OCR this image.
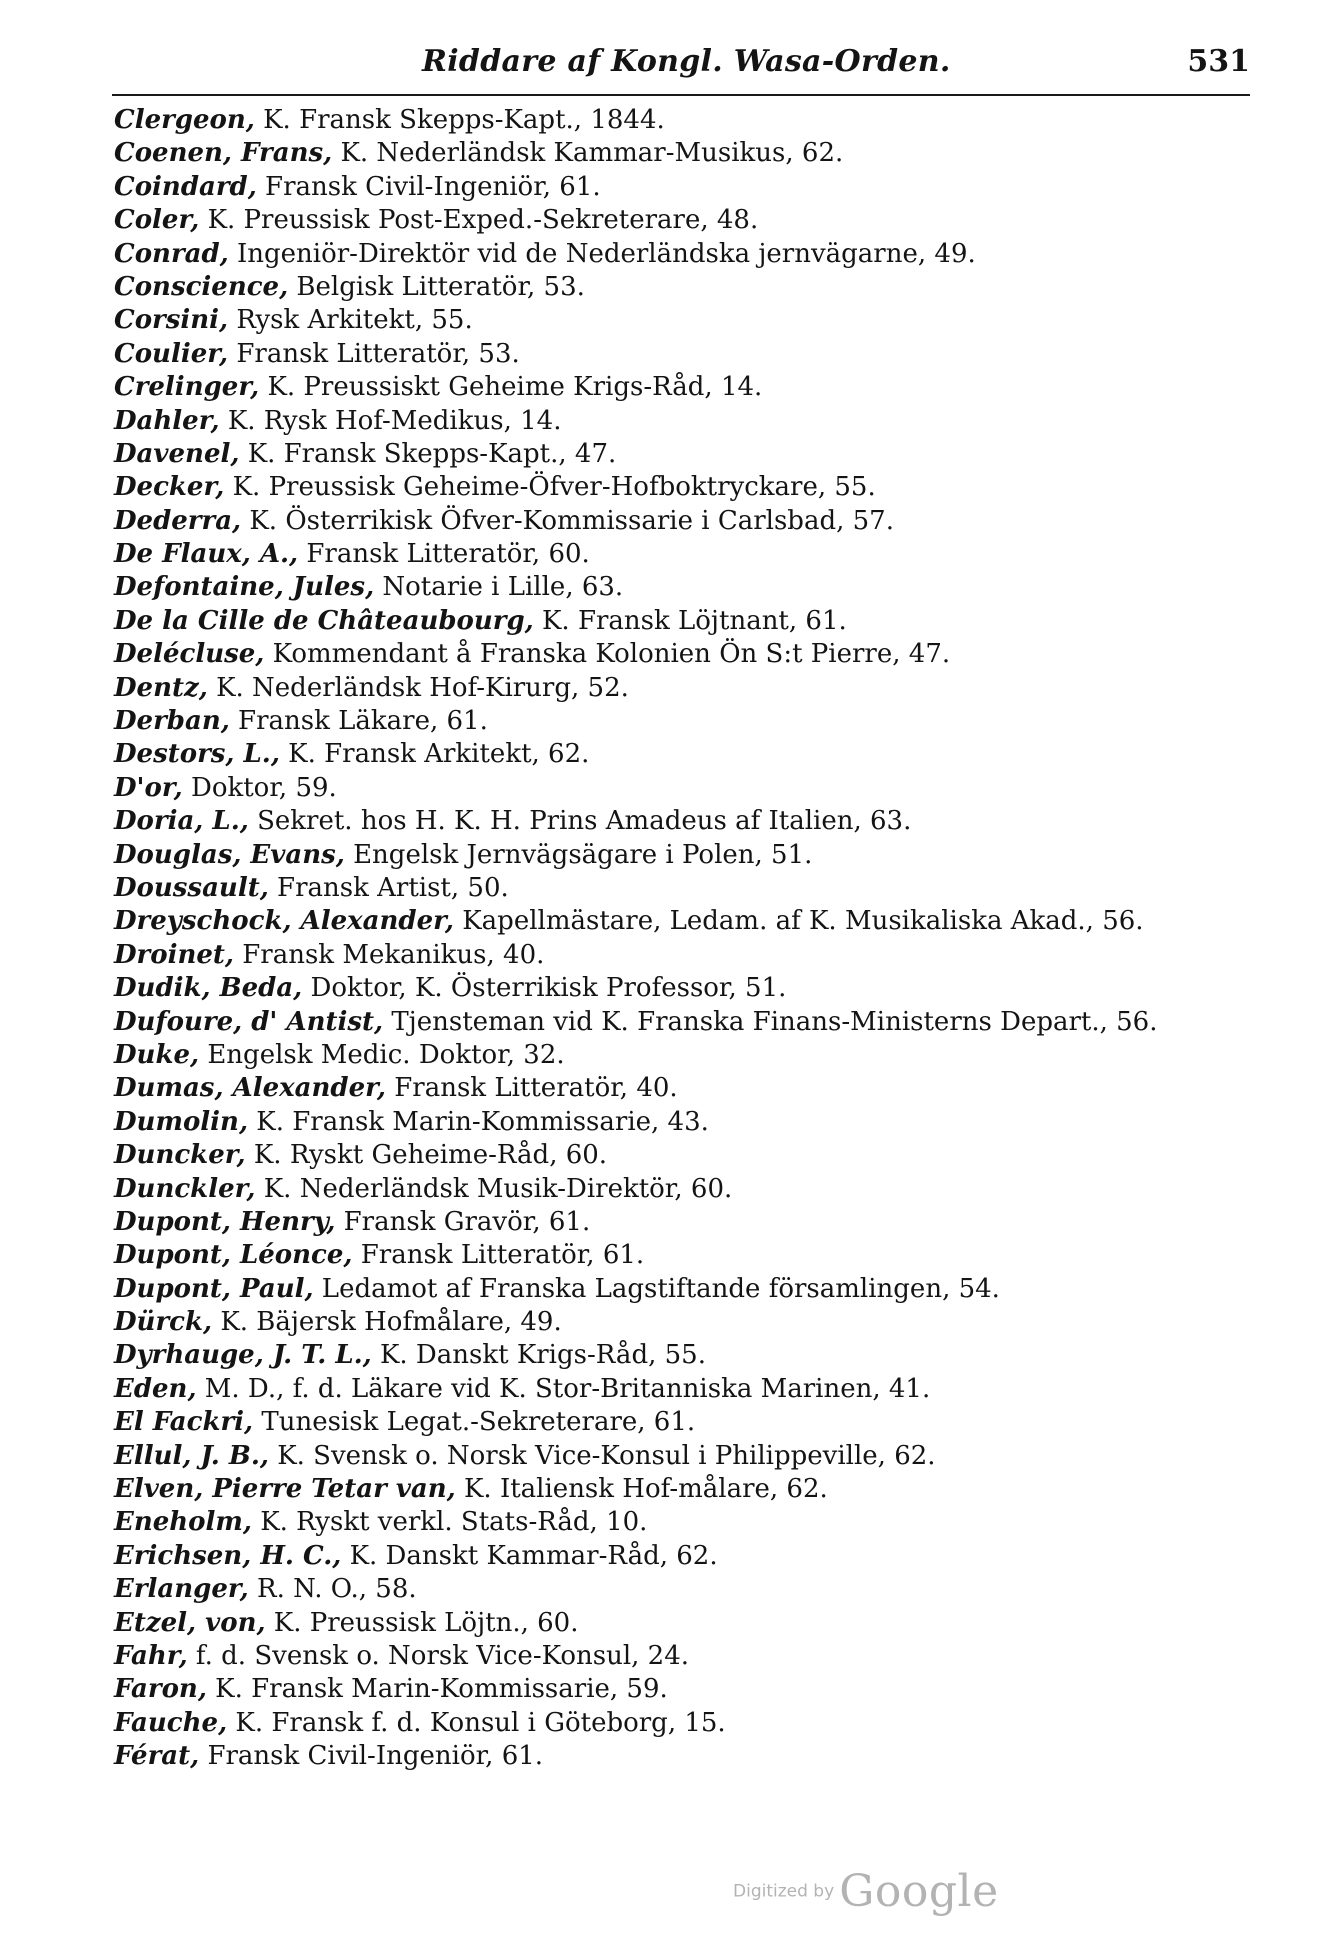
Riddare af Kongl. Wasa-Orden.	531
Clergeon, K. Fransk Skepps-Kapt., 1844.
Coenen, Frans, K. Nederländsk Kammar-Musikus, 62.
Coindard, Fransk Civil-Ingeniör, 61.
Coler, K. Preussisk Post-Exped.-Sekreterare, 48.
Conrad, Ingeniör-Direktör vid de Nederländska jernvägarne, 49.
Conscience, Belgisk Litteratör, 53.
Corsini, Rysk Arkitekt, 55.
Coulier, Fransk Litteratör, 53.
Crelinger, K. Preussiskt Geheime Krigs-Råd, 14.
Dahler, K. Rysk Hof-Medikus, 14.
Davenel, K. Fransk Skepps-Kapt., 47.
Decker, K. Preussisk Geheime-Öfver-Hofboktryckare, 55.
Dederra, K. Österrikisk Öfver-Kommissarie i Carlsbad, 57.
De Flaux, A., Fransk Litteratör, 60.
Defontaine, Jules, Notarie i Lille, 63.
De la Cille de Châteaubourg, K. Fransk Löjtnant, 61.
Delécluse, Kommendant å Franska Kolonien Ön S:t Pierre, 47.
Dentz, K. Nederländsk Hof-Kirurg, 52.
Derban, Fransk Läkare, 61.
Destors, L., K. Fransk Arkitekt, 62.
D'or, Doktor, 59.
Doria, L., Sekret. hos H. K. H. Prins Amadeus af Italien, 63.
Douglas, Evans, Engelsk Jernvägsägare i Polen, 51.
Doussault, Fransk Artist, 50.
Dreyschock, Alexander, Kapellmästare, Ledam. af K. Musikaliska Akad., 56.
Droinet, Fransk Mekanikus, 40.
Dudik, Beda, Doktor, K. Österrikisk Professor, 51.
Dufoure, d' Antist, Tjensteman vid K. Franska Finans-Ministerns Depart., 56.
Duke, Engelsk Medic. Doktor, 32.
Dumas, Alexander, Fransk Litteratör, 40.
Dumolin, K. Fransk Marin-Kommissarie, 43.
Duncker, K. Ryskt Geheime-Råd, 60.
Dunckler, K. Nederländsk Musik-Direktör, 60.
Dupont, Henry, Fransk Gravör, 61.
Dupont, Léonce, Fransk Litteratör, 61.
Dupont, Paul, Ledamot af Franska Lagstiftande församlingen, 54.
Dürck, K. Bäjersk Hofmålare, 49.
Dyrhauge, J. T. L., K. Danskt Krigs-Råd, 55.
Eden, M. D., f. d. Läkare vid K. Stor-Britanniska Marinen, 41.
El Fackri, Tunesisk Legat.-Sekreterare, 61.
Ellul, J. B., K. Svensk o. Norsk Vice-Konsul i Philippeville, 62.
Elven, Pierre Tetar van, K. Italiensk Hof-målare, 62.
Eneholm, K. Ryskt verkl. Stats-Råd, 10.
Erichsen, H. C., K. Danskt Kammar-Råd, 62.
Erlanger, R. N. O., 58.
Etzel, von, K. Preussisk Löjtn., 60.
Fahr, f. d. Svensk o. Norsk Vice-Konsul, 24.
Faron, K. Fransk Marin-Kommissarie, 59.
Fauche, K. Fransk f. d. Konsul i Göteborg, 15.
Férat, Fransk Civil-Ingeniör, 61.
Digitized by Google
